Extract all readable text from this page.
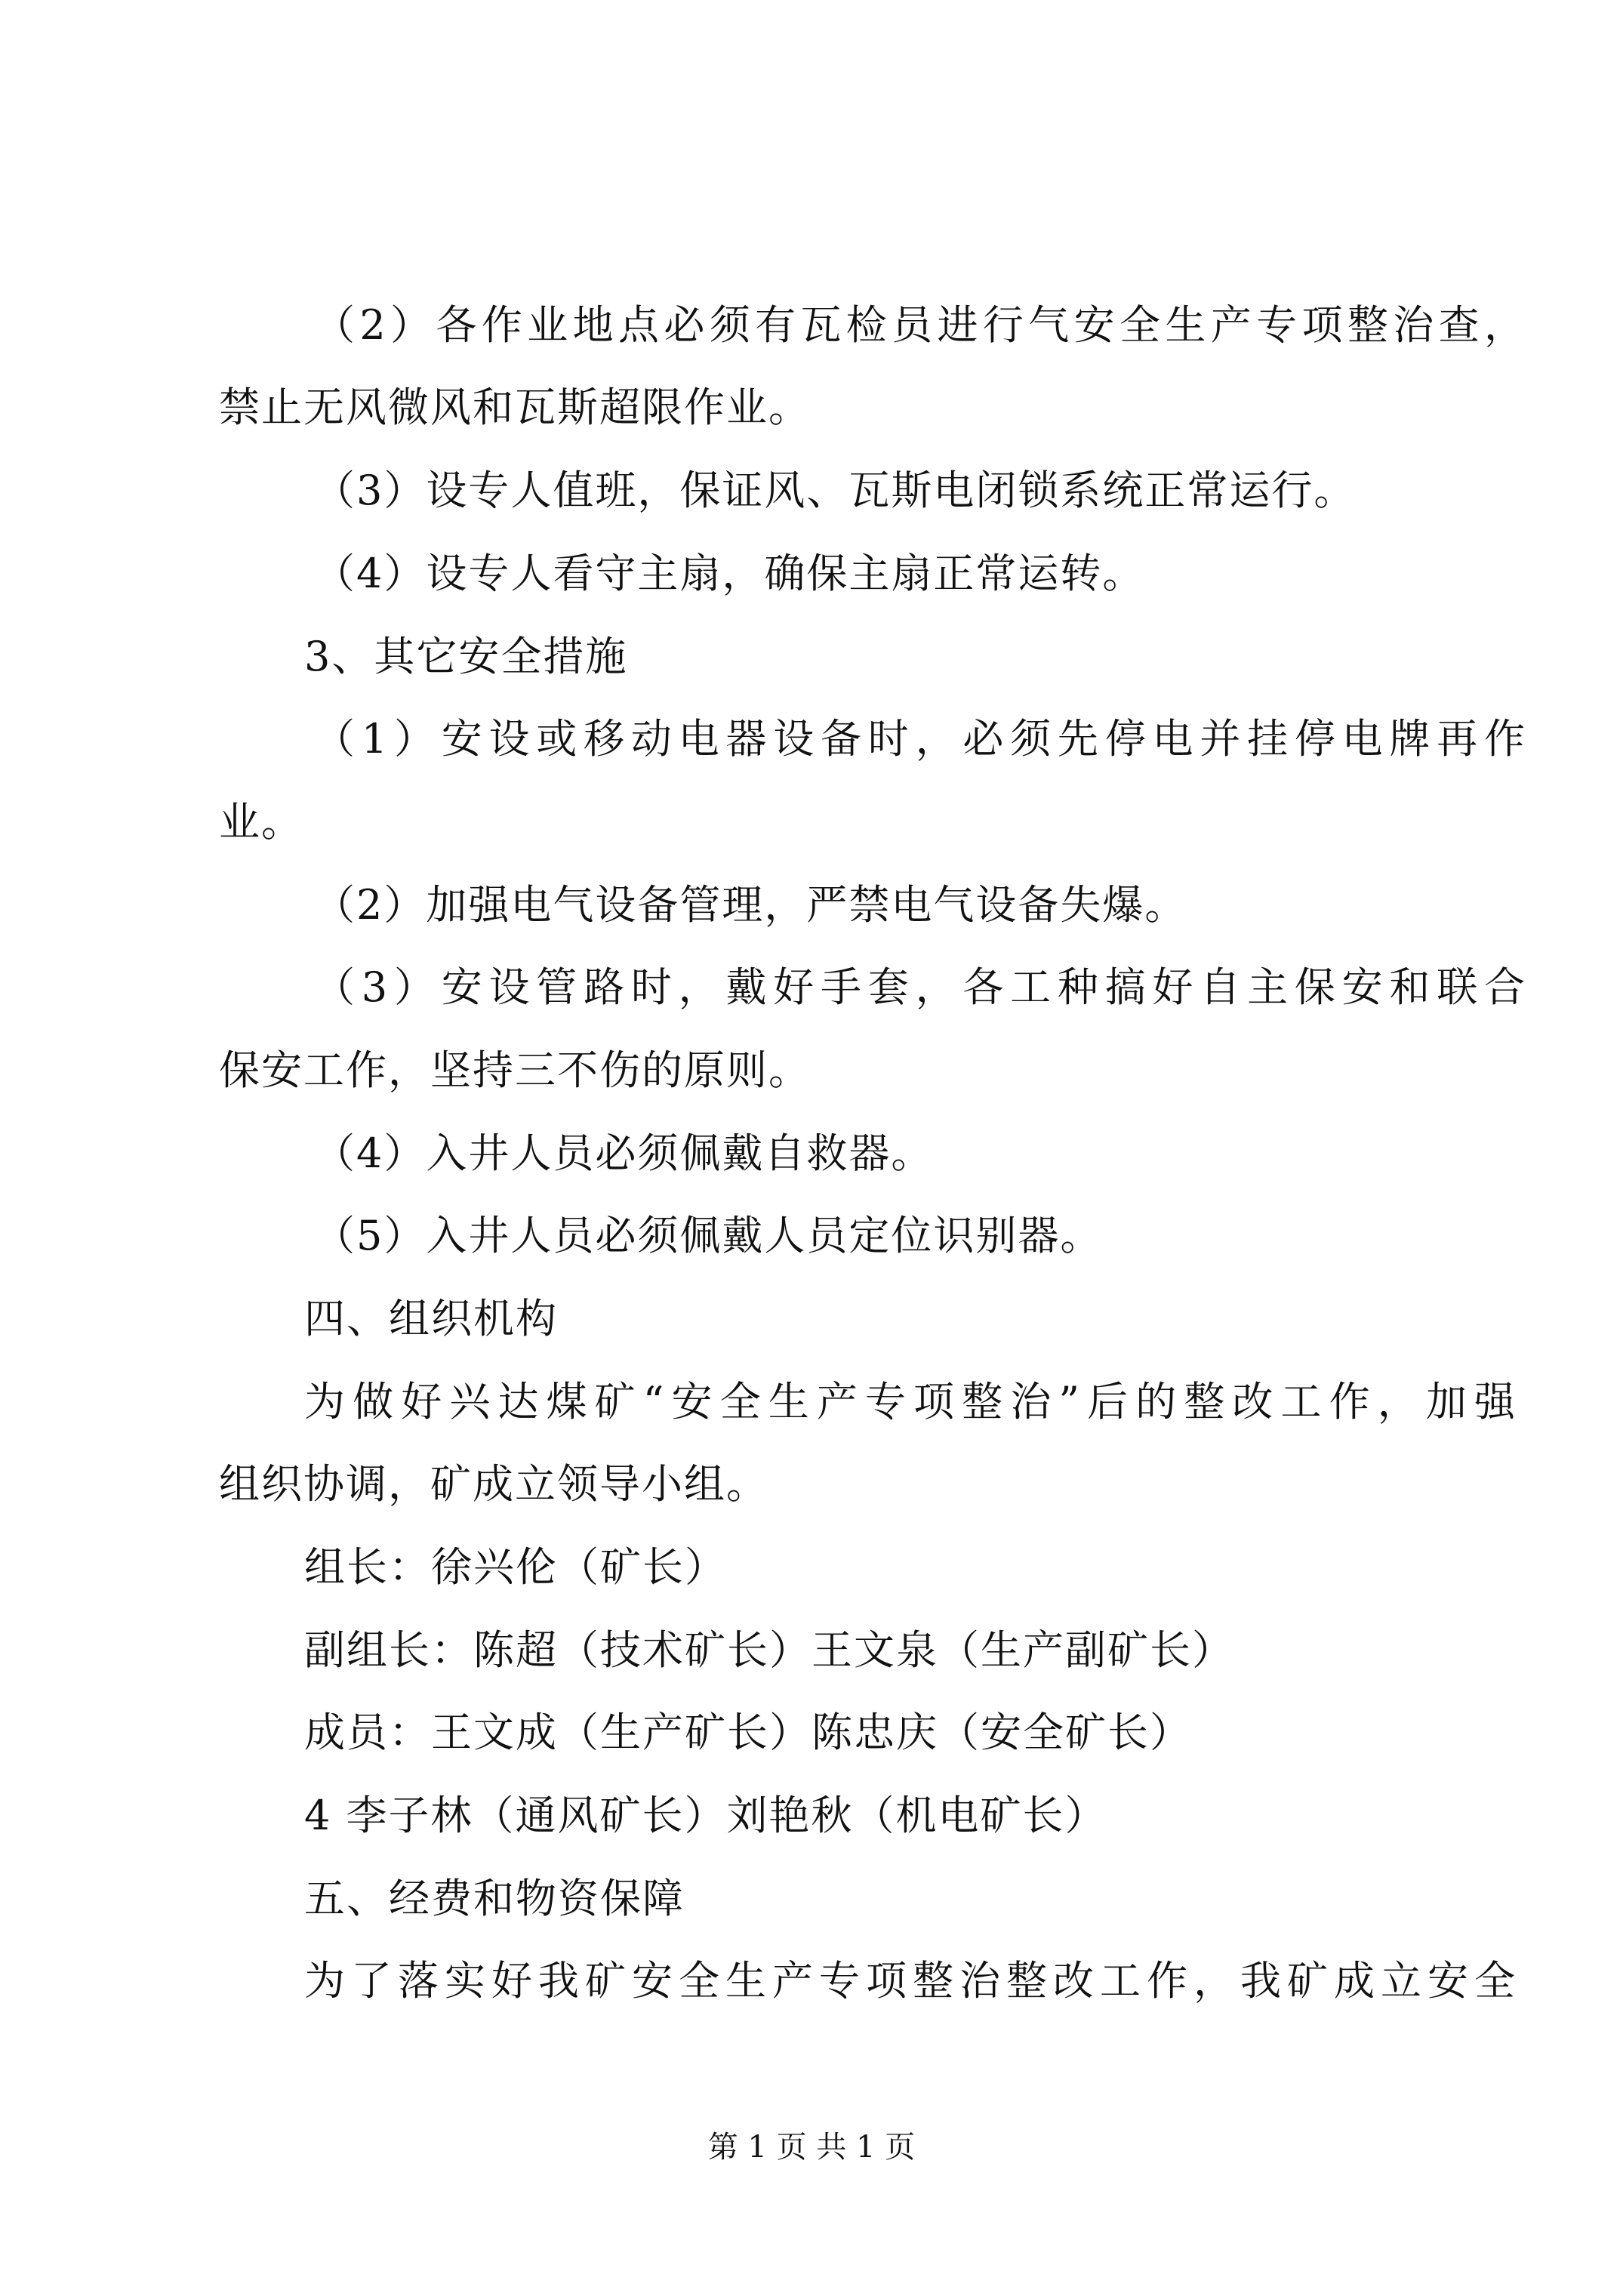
（2）各作业地点必须有瓦检员进行气安全生产专项整治查，
禁止无风微风和瓦斯超限作业。
（3）设专人值班，保证风、瓦斯电闭锁系统正常运行。
（4）设专人看守主扇，确保主扇正常运转。
3、其它安全措施
（1）安设或移动电器设备时，必须先停电并挂停电牌再作
业。
（2）加强电气设备管理，严禁电气设备失爆。
（3）安设管路时，戴好手套，各工种搞好自主保安和联合
保安工作，坚持三不伤的原则。
（4）入井人员必须佩戴自救器。
（5）入井人员必须佩戴人员定位识别器。
四、组织机构
为做好兴达煤矿“安全生产专项整治”后的整改工作，加强
组织协调，矿成立领导小组。
组长：徐兴伦（矿长）
副组长：陈超（技术矿长）王文泉（生产副矿长）
成员：王文成（生产矿长）陈忠庆（安全矿长）
4 李子林（通风矿长）刘艳秋（机电矿长）
五、经费和物资保障
为了落实好我矿安全生产专项整治整改工作，我矿成立安全
第 1 页 共 1 页
